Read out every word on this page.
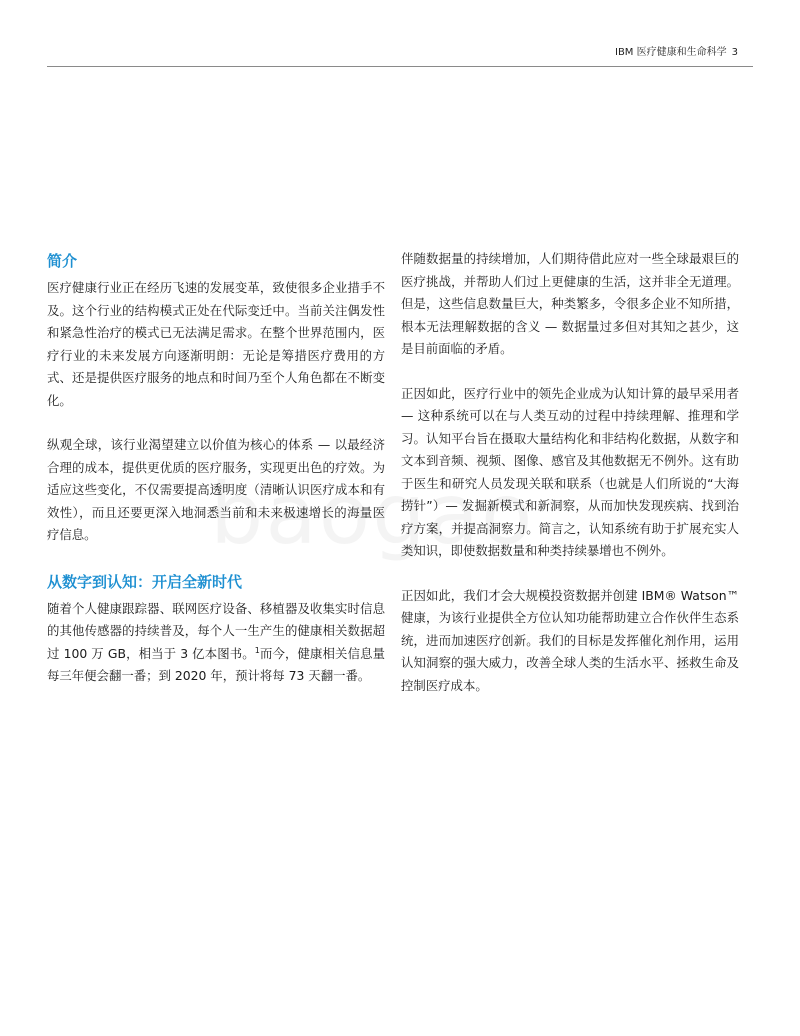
IBM 医疗健康和生命科学 3
简介

医疗健康行业正在经历飞速的发展变革，致使很多企业措手不及。这个行业的结构模式正处在代际变迁中。当前关注偶发性和紧急性治疗的模式已无法满足需求。在整个世界范围内，医疗行业的未来发展方向逐渐明朗：无论是筹措医疗费用的方式、还是提供医疗服务的地点和时间乃至个人角色都在不断变化。

纵观全球，该行业渴望建立以价值为核心的体系 — 以最经济合理的成本，提供更优质的医疗服务，实现更出色的疗效。为适应这些变化，不仅需要提高透明度（清晰认识医疗成本和有效性），而且还要更深入地洞悉当前和未来极速增长的海量医疗信息。

从数字到认知：开启全新时代

随着个人健康跟踪器、联网医疗设备、移植器及收集实时信息的其他传感器的持续普及，每个人一生产生的健康相关数据超过 100 万 GB，相当于 3 亿本图书。$^1$而今，健康相关信息量每三年便会翻一番；到 2020 年，预计将每 73 天翻一番。

伴随数据量的持续增加，人们期待借此应对一些全球最艰巨的医疗挑战，并帮助人们过上更健康的生活，这并非全无道理。但是，这些信息数量巨大，种类繁多，令很多企业不知所措，根本无法理解数据的含义 — 数据量过多但对其知之甚少，这是目前面临的矛盾。

正因如此，医疗行业中的领先企业成为认知计算的最早采用者 — 这种系统可以在与人类互动的过程中持续理解、推理和学习。认知平台旨在摄取大量结构化和非结构化数据，从数字和文本到音频、视频、图像、感官及其他数据无不例外。这有助于医生和研究人员发现关联和联系（也就是人们所说的“大海捞针”）— 发掘新模式和新洞察，从而加快发现疾病、找到治疗方案，并提高洞察力。简言之，认知系统有助于扩展充实人类知识，即使数据数量和种类持续暴增也不例外。

正因如此，我们才会大规模投资数据并创建 IBM® Watson™ 健康，为该行业提供全方位认知功能帮助建立合作伙伴生态系统，进而加速医疗创新。我们的目标是发挥催化剂作用，运用认知洞察的强大威力，改善全球人类的生活水平、拯救生命及控制医疗成本。
